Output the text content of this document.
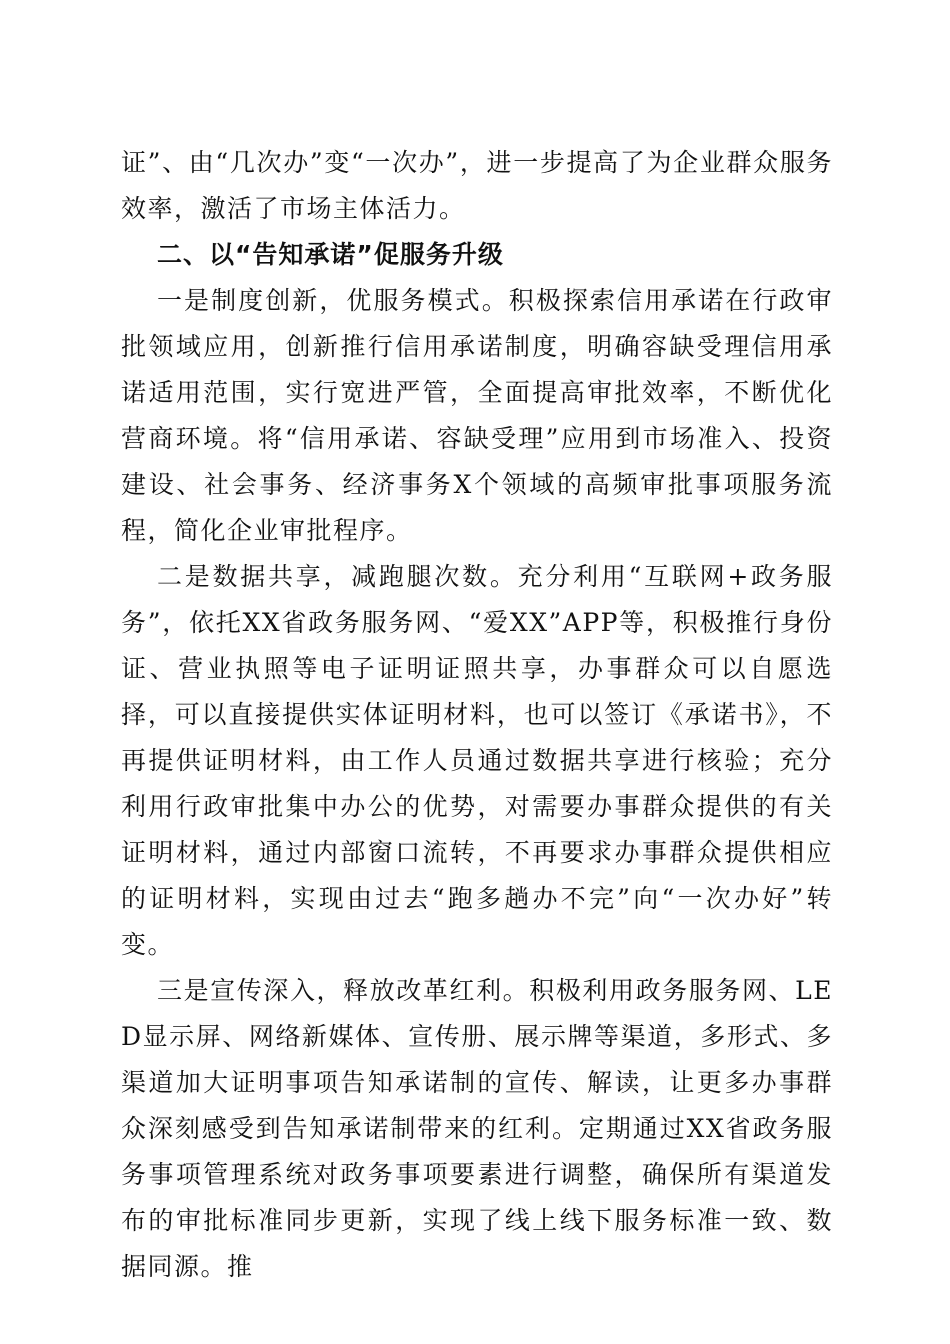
证”、由“几次办”变“一次办”，进一步提高了为企业群众服务效率，激活了市场主体活力。

二、以“告知承诺”促服务升级

一是制度创新，优服务模式。积极探索信用承诺在行政审批领域应用，创新推行信用承诺制度，明确容缺受理信用承诺适用范围，实行宽进严管，全面提高审批效率，不断优化营商环境。将“信用承诺、容缺受理”应用到市场准入、投资建设、社会事务、经济事务X个领域的高频审批事项服务流程，简化企业审批程序。

二是数据共享，减跑腿次数。充分利用“互联网+政务服务”，依托XX省政务服务网、“爱XX”APP等，积极推行身份证、营业执照等电子证明证照共享，办事群众可以自愿选择，可以直接提供实体证明材料，也可以签订《承诺书》，不再提供证明材料，由工作人员通过数据共享进行核验；充分利用行政审批集中办公的优势，对需要办事群众提供的有关证明材料，通过内部窗口流转，不再要求办事群众提供相应的证明材料，实现由过去“跑多趟办不完”向“一次办好”转变。

三是宣传深入，释放改革红利。积极利用政务服务网、LED显示屏、网络新媒体、宣传册、展示牌等渠道，多形式、多渠道加大证明事项告知承诺制的宣传、解读，让更多办事群众深刻感受到告知承诺制带来的红利。定期通过XX省政务服务事项管理系统对政务事项要素进行调整，确保所有渠道发布的审批标准同步更新，实现了线上线下服务标准一致、数据同源。推
